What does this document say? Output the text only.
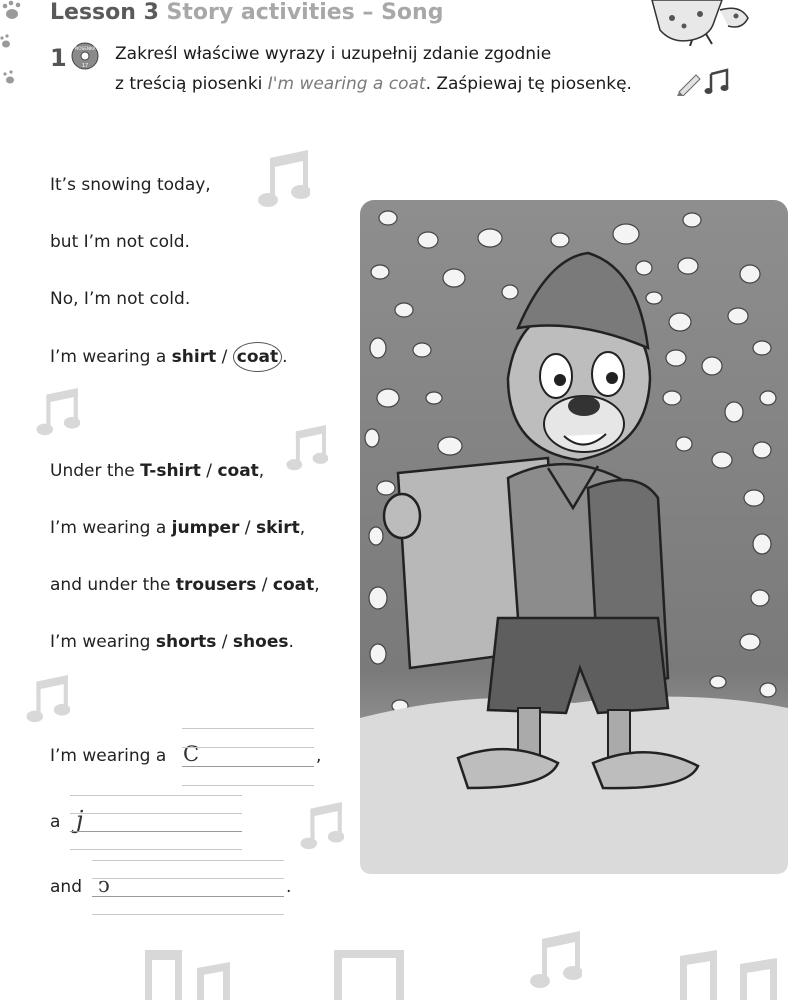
Lesson 3 Story activities – Song
1 PIOSENKA
17
Zakreśl właściwe wyrazy i uzupełnij zdanie zgodnie
z treścią piosenki I'm wearing a coat. Zaśpiewaj tę piosenkę.
It’s snowing today,
but I’m not cold.
No, I’m not cold.
I’m wearing a shirt / coat .
Under the T-shirt / coat,
I’m wearing a jumper / skirt,
and under the trousers / coat,
I’m wearing shorts / shoes.
I’m wearing a C	,
a j
and ↄ	.
